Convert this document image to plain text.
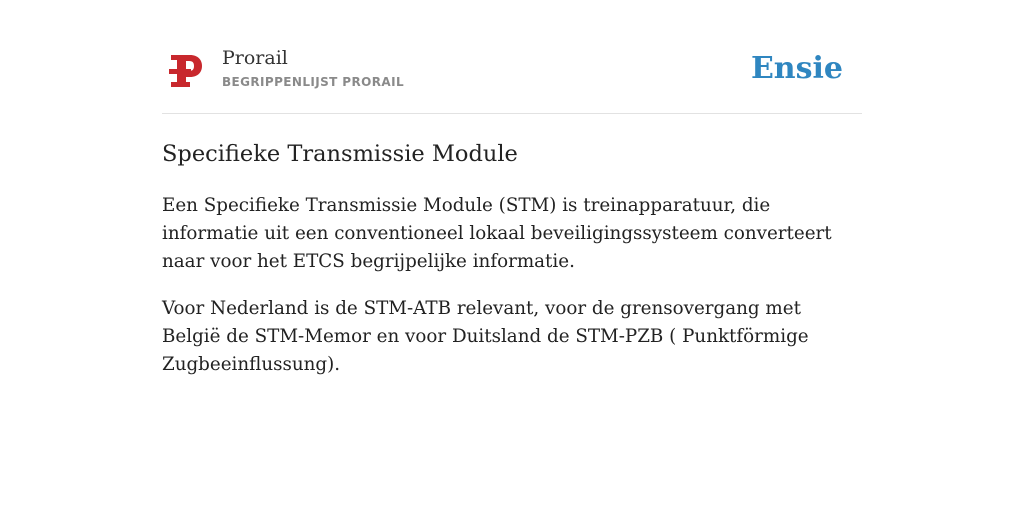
Prorail
BEGRIPPENLIJST PRORAIL	Ensie
Specifieke Transmissie Module

Een Specifieke Transmissie Module (STM) is treinapparatuur, die informatie uit een conventioneel lokaal beveiligingssysteem converteert naar voor het ETCS begrijpelijke informatie.

Voor Nederland is de STM-ATB relevant, voor de grensovergang met België de STM-Memor en voor Duitsland de STM-PZB ( Punktförmige Zugbeeinflussung).
